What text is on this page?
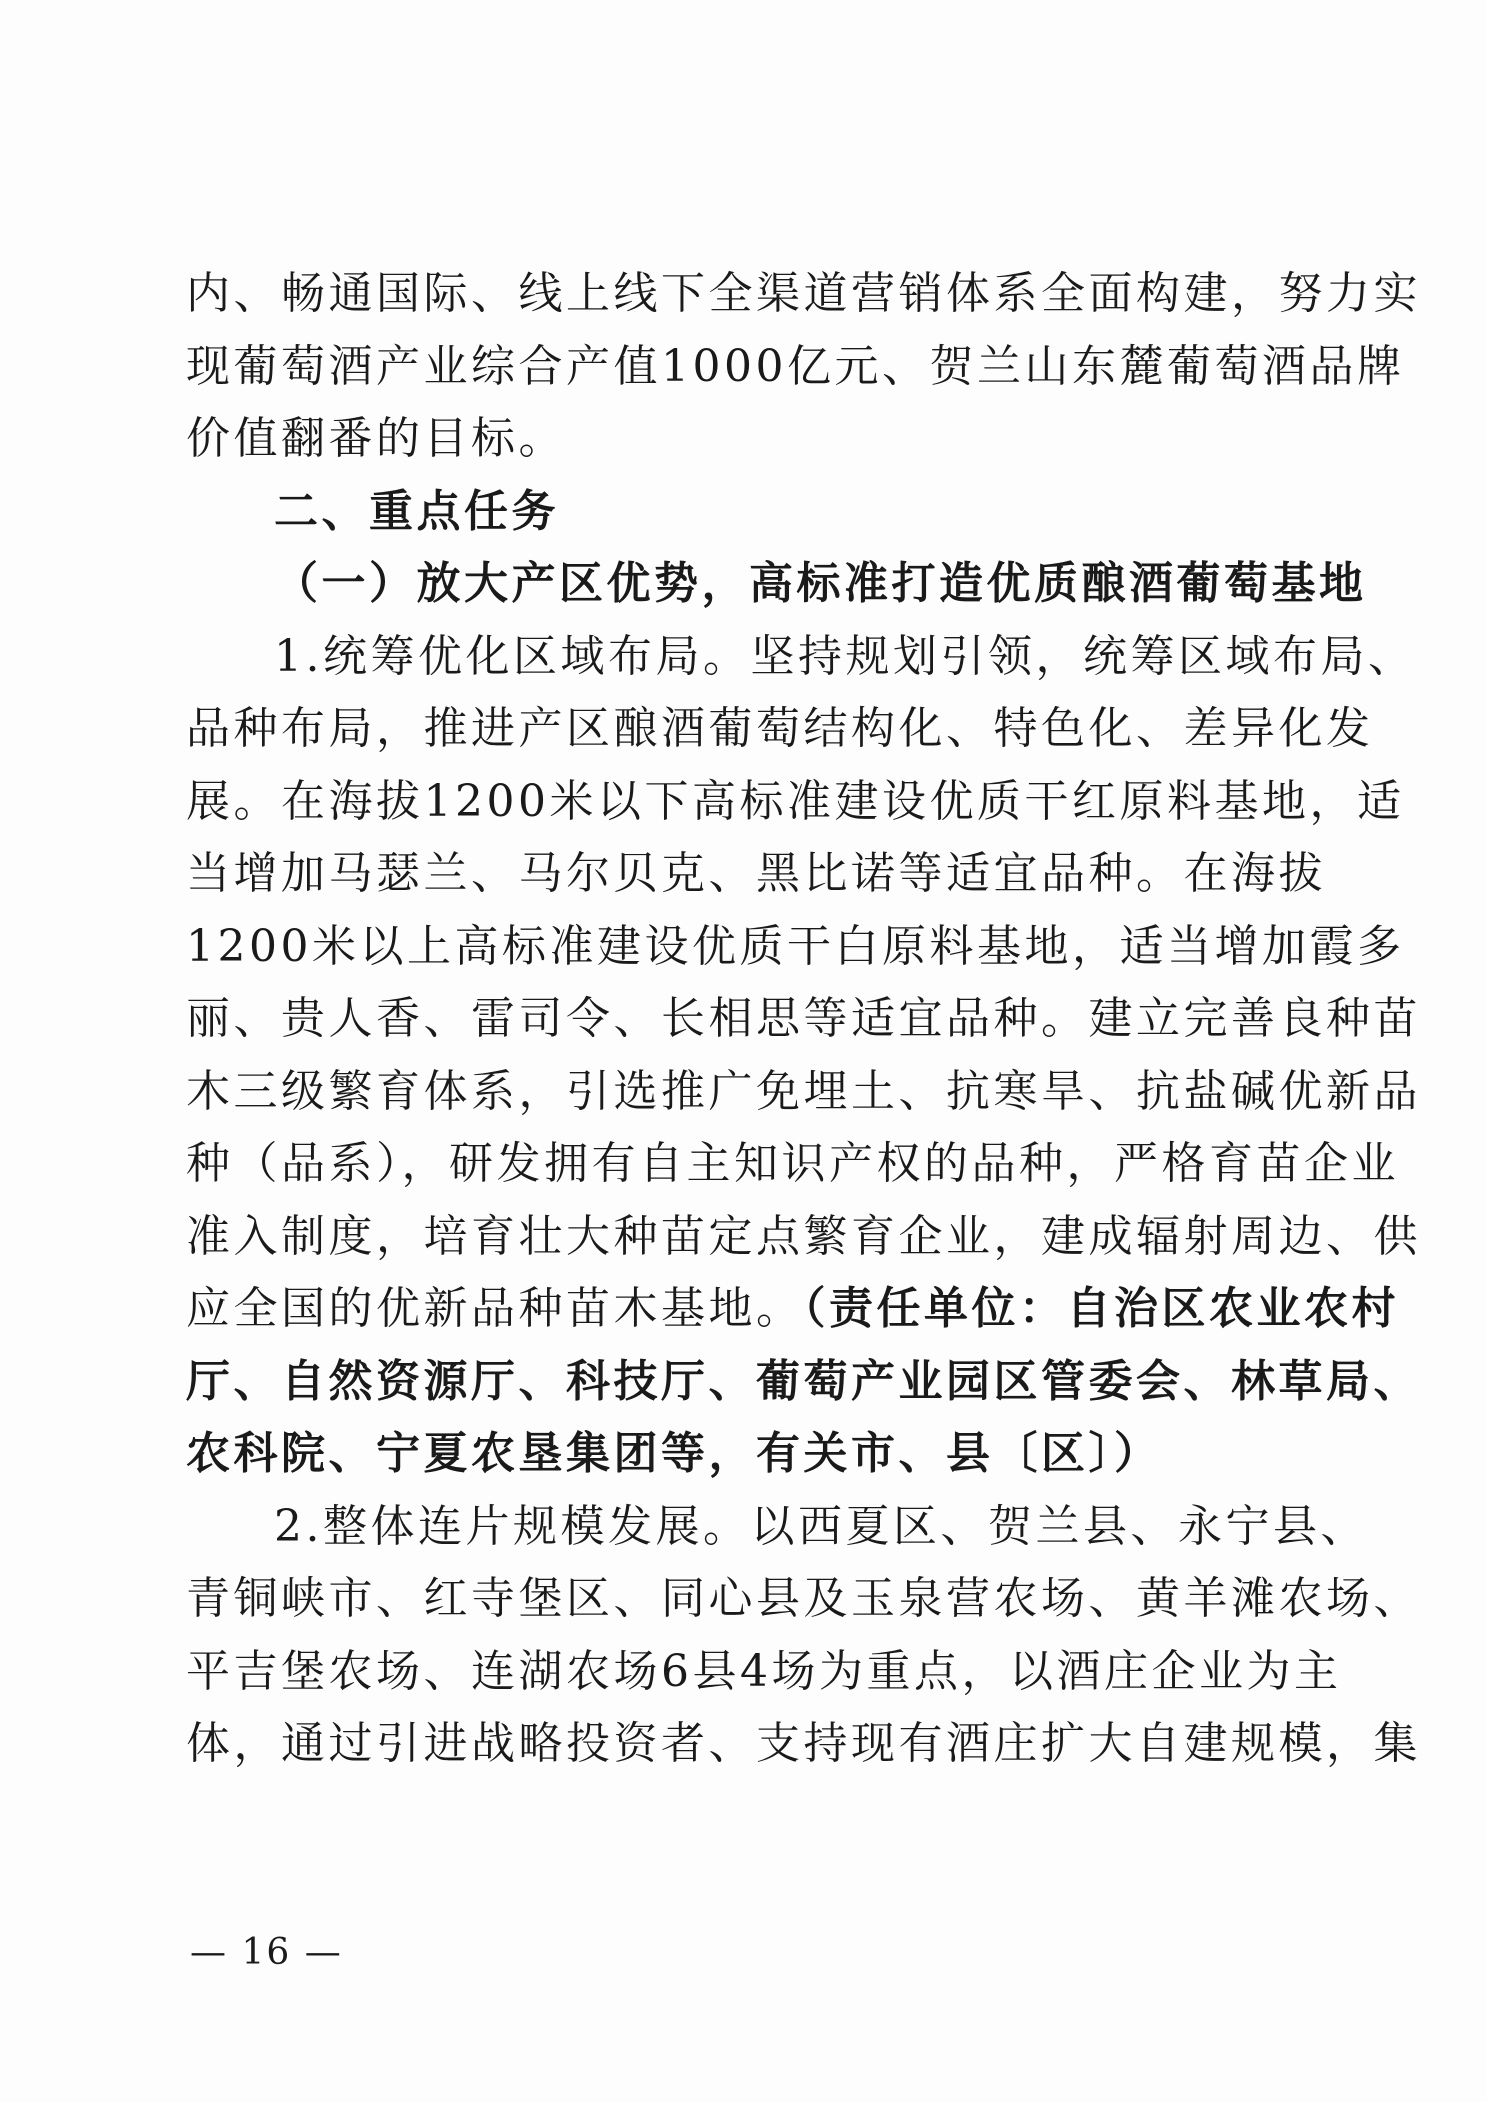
内、畅通国际、线上线下全渠道营销体系全面构建，努力实
现葡萄酒产业综合产值1000亿元、贺兰山东麓葡萄酒品牌
价值翻番的目标。
二、重点任务
（一）放大产区优势，高标准打造优质酿酒葡萄基地
1.统筹优化区域布局。坚持规划引领，统筹区域布局、
品种布局，推进产区酿酒葡萄结构化、特色化、差异化发
展。在海拔1200米以下高标准建设优质干红原料基地，适
当增加马瑟兰、马尔贝克、黑比诺等适宜品种。在海拔
1200米以上高标准建设优质干白原料基地，适当增加霞多
丽、贵人香、雷司令、长相思等适宜品种。建立完善良种苗
木三级繁育体系，引选推广免埋土、抗寒旱、抗盐碱优新品
种（品系），研发拥有自主知识产权的品种，严格育苗企业
准入制度，培育壮大种苗定点繁育企业，建成辐射周边、供
应全国的优新品种苗木基地。（责任单位：自治区农业农村
厅、自然资源厅、科技厅、葡萄产业园区管委会、林草局、
农科院、宁夏农垦集团等，有关市、县〔区〕）
2.整体连片规模发展。以西夏区、贺兰县、永宁县、
青铜峡市、红寺堡区、同心县及玉泉营农场、黄羊滩农场、
平吉堡农场、连湖农场6县4场为重点，以酒庄企业为主
体，通过引进战略投资者、支持现有酒庄扩大自建规模，集
— 16 —
